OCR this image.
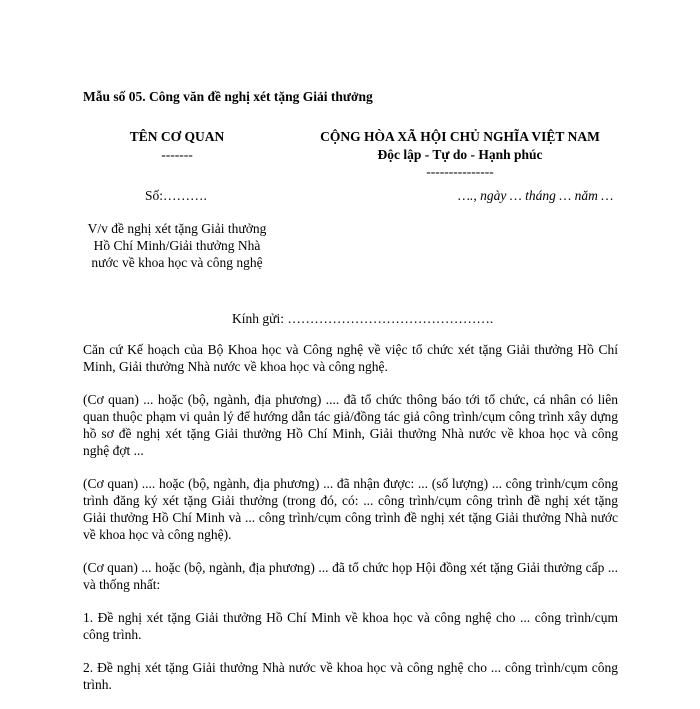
Mẫu số 05. Công văn đề nghị xét tặng Giải thưởng
TÊN CƠ QUAN
-------
CỘNG HÒA XÃ HỘI CHỦ NGHĨA VIỆT NAM
Độc lập - Tự do - Hạnh phúc
---------------
Số:……….	…., ngày … tháng … năm …
V/v đề nghị xét tặng Giải thưởng
Hồ Chí Minh/Giải thưởng Nhà
nước về khoa học và công nghệ
Kính gửi: ……………………………………….

Căn cứ Kế hoạch của Bộ Khoa học và Công nghệ về việc tổ chức xét tặng Giải thưởng Hồ Chí Minh, Giải thưởng Nhà nước về khoa học và công nghệ.

(Cơ quan) ... hoặc (bộ, ngành, địa phương) .... đã tổ chức thông báo tới tổ chức, cá nhân có liên quan thuộc phạm vi quản lý để hướng dẫn tác giả/đồng tác giả công trình/cụm công trình xây dựng hồ sơ đề nghị xét tặng Giải thưởng Hồ Chí Minh, Giải thưởng Nhà nước về khoa học và công nghệ đợt ...

(Cơ quan) .... hoặc (bộ, ngành, địa phương) ... đã nhận được: ... (số lượng) ... công trình/cụm công trình đăng ký xét tặng Giải thưởng (trong đó, có: ... công trình/cụm công trình đề nghị xét tặng Giải thưởng Hồ Chí Minh và ... công trình/cụm công trình đề nghị xét tặng Giải thưởng Nhà nước về khoa học và công nghệ).

(Cơ quan) ... hoặc (bộ, ngành, địa phương) ... đã tổ chức họp Hội đồng xét tặng Giải thưởng cấp ... và thống nhất:

1. Đề nghị xét tặng Giải thưởng Hồ Chí Minh về khoa học và công nghệ cho ... công trình/cụm công trình.

2. Đề nghị xét tặng Giải thưởng Nhà nước về khoa học và công nghệ cho ... công trình/cụm công trình.
